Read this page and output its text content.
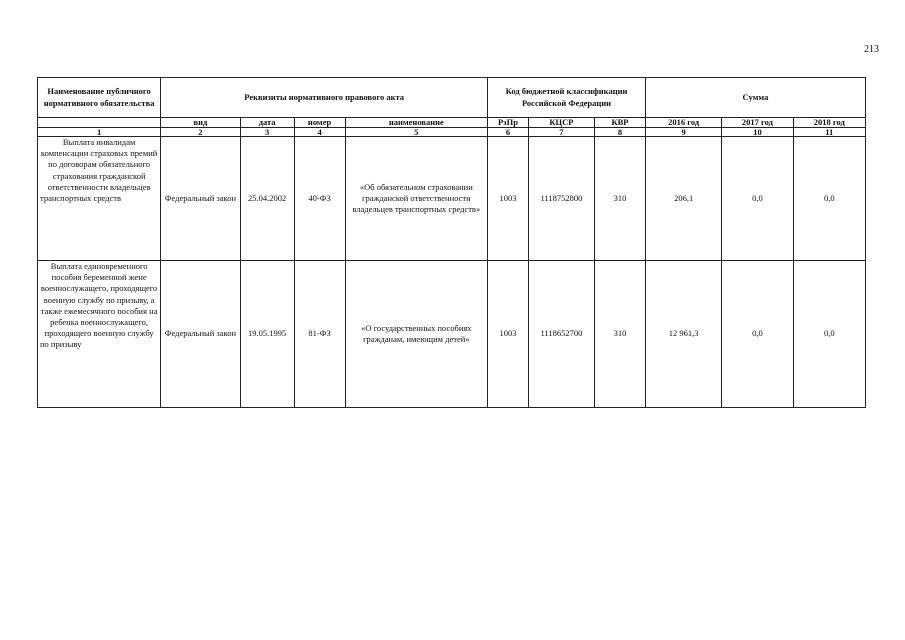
213
Наименование публичного нормативного обязательства	Реквизиты нормативного правового акта				Код бюджетной классификации Российской Федерации			Сумма		
	вид	дата	номер	наименование	РзПр	КЦСР	КВР	2016 год	2017 год	2018 год
1	2	3	4	5	6	7	8	9	10	11
Выплата инвалидам компенсации страховых премий по договорам обязательного страхования гражданской ответственности владельцев транспортных средств	Федеральный закон	25.04.2002	40-ФЗ	«Об обязательном страховании гражданской ответственности владельцев транспортных средств»	1003	1118752800	310	206,1	0,0	0,0
Выплата единовременного пособия беременной жене военнослужащего, проходящего военную службу по призыву, а также ежемесячного пособия на ребенка военнослужащего, проходящего военную службу по призыву	Федеральный закон	19.05.1995	81-ФЗ	«О государственных пособиях гражданам, имеющим детей»	1003	1118652700	310	12 961,3	0,0	0,0
